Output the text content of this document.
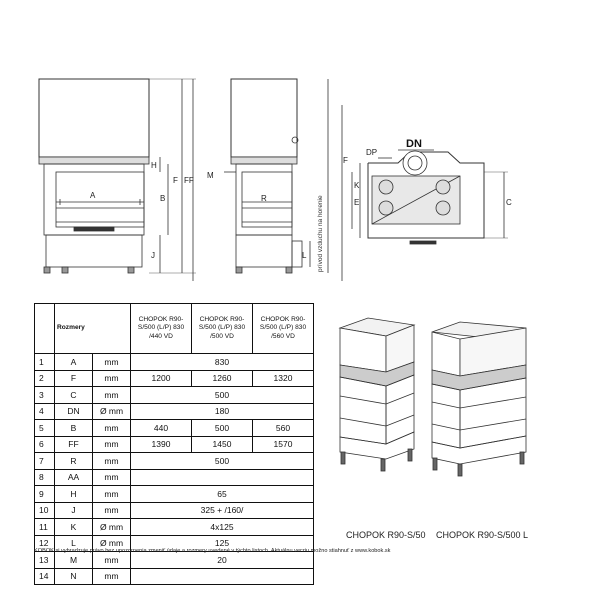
A
H
B
F FF
J
M
R
L
K
E
F
C
DN
DP
prívod vzduchu na horenie
	Rozmery		CHOPOK R90-S/500 (L/P) 830 /440 VD	CHOPOK R90-S/500 (L/P) 830 /500 VD	CHOPOK R90-S/500 (L/P) 830 /560 VD
1	A	mm	830		
2	F	mm	1200	1260	1320
3	C	mm	500		
4	DN	Ø mm	180		
5	B	mm	440	500	560
6	FF	mm	1390	1450	1570
7	R	mm	500		
8	AA	mm			
9	H	mm	65		
10	J	mm	325 + /160/		
11	K	Ø mm	4x125		
12	L	Ø mm	125		
13	M	mm	20		
14	N	mm			
CHOPOK R90-S/50 CHOPOK R90-S/500 L
KOBOK si vyhradzuje právo bez upozornenia zmeniť údaje a rozmery uvedené v týchto listoch. Aktuálnu verziu možno stiahnuť z www.kobok.sk
